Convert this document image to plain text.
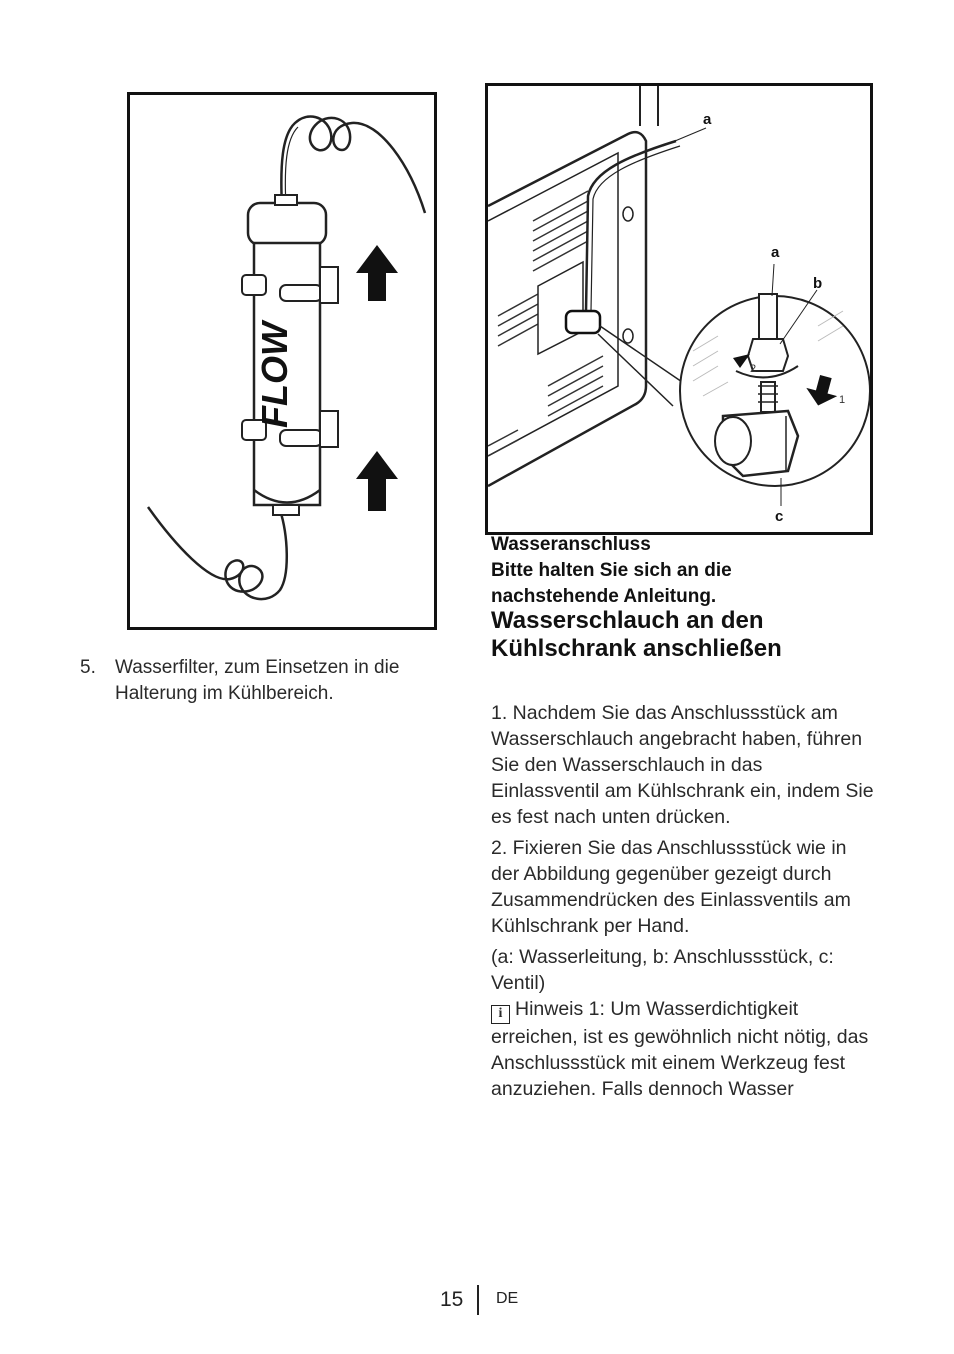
FLOW	2
1
a
a
b
c
5. Wasserfilter, zum Einsetzen in die Halterung im Kühlbereich.
Wasseranschluss
Bitte halten Sie sich an die
nachstehende Anleitung.
Wasserschlauch an den Kühlschrank anschließen

1. Nachdem Sie das Anschlussstück am Wasserschlauch angebracht haben, führen Sie den Wasserschlauch in das Einlassventil am Kühlschrank ein, indem Sie es fest nach unten drücken.

2. Fixieren Sie das Anschlussstück wie in der Abbildung gegenüber gezeigt durch Zusammendrücken des Einlassventils am Kühlschrank per Hand.

(a: Wasserleitung, b: Anschlussstück, c: Ventil)

i Hinweis 1: Um Wasserdichtigkeit erreichen, ist es gewöhnlich nicht nötig, das Anschlussstück mit einem Werkzeug fest anzuziehen. Falls dennoch Wasser

15 DE
